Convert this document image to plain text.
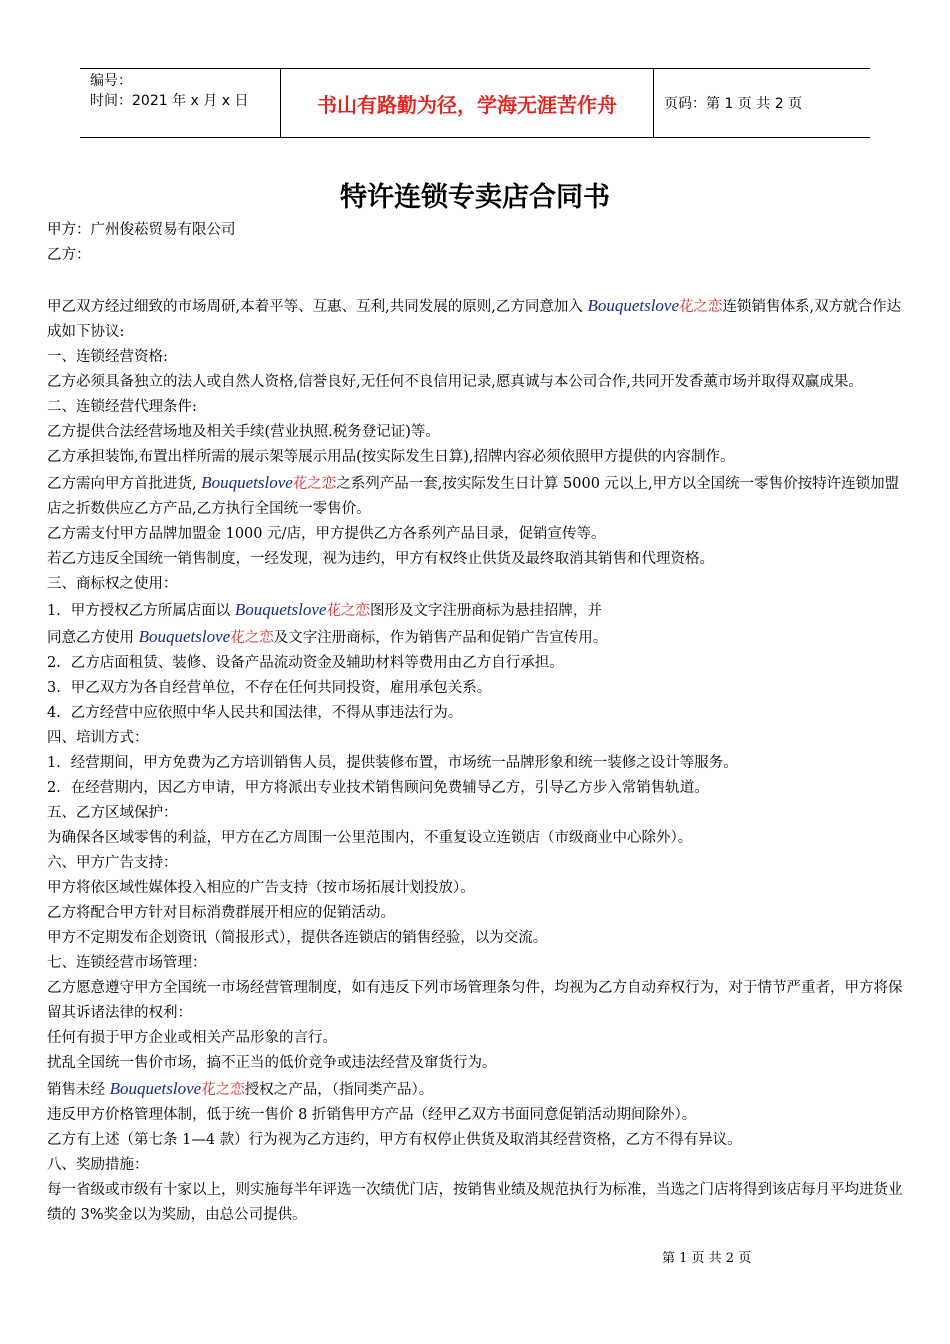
编号：
时间：2021 年 x 月 x 日	书山有路勤为径，学海无涯苦作舟	页码：第 1 页 共 2 页
特许连锁专卖店合同书

甲方：广州俊菘贸易有限公司

乙方：

甲乙双方经过细致的市场周研,本着平等、互惠、互利,共同发展的原则,乙方同意加入 Bouquetslove花之恋连锁销售体系,双方就合作达成如下协议:

一、连锁经营资格:

乙方必须具备独立的法人或自然人资格,信誉良好,无任何不良信用记录,愿真诚与本公司合作,共同开发香薰市场并取得双赢成果。

二、连锁经营代理条件:

乙方提供合法经营场地及相关手续(营业执照.税务登记证)等。

乙方承担装饰,布置出样所需的展示架等展示用品(按实际发生日算),招牌内容必须依照甲方提供的内容制作。

乙方需向甲方首批进货, Bouquetslove花之恋之系列产品一套,按实际发生日计算 5000 元以上,甲方以全国统一零售价按特许连锁加盟店之折数供应乙方产品,乙方执行全国统一零售价。

乙方需支付甲方品牌加盟金 1000 元/店，甲方提供乙方各系列产品目录，促销宣传等。

若乙方违反全国统一销售制度，一经发现，视为违约，甲方有权终止供货及最终取消其销售和代理资格。

三、商标权之使用：

1．甲方授权乙方所属店面以 Bouquetslove花之恋图形及文字注册商标为悬挂招牌，并

同意乙方使用 Bouquetslove花之恋及文字注册商标，作为销售产品和促销广告宣传用。

2．乙方店面租赁、装修、设备产品流动资金及辅助材料等费用由乙方自行承担。

3．甲乙双方为各自经营单位，不存在任何共同投资，雇用承包关系。

4．乙方经营中应依照中华人民共和国法律，不得从事违法行为。

四、培训方式：

1．经营期间，甲方免费为乙方培训销售人员，提供装修布置，市场统一品牌形象和统一装修之设计等服务。

2．在经营期内，因乙方申请，甲方将派出专业技术销售顾问免费辅导乙方，引导乙方步入常销售轨道。

五、乙方区域保护：

为确保各区域零售的利益，甲方在乙方周围一公里范围内，不重复设立连锁店（市级商业中心除外）。

六、甲方广告支持：

甲方将依区域性媒体投入相应的广告支持（按市场拓展计划投放）。

乙方将配合甲方针对目标消费群展开相应的促销活动。

甲方不定期发布企划资讯（简报形式），提供各连锁店的销售经验，以为交流。

七、连锁经营市场管理：

乙方愿意遵守甲方全国统一市场经营管理制度，如有违反下列市场管理条匀件，均视为乙方自动弃权行为，对于情节严重者，甲方将保留其诉诸法律的权利：

任何有损于甲方企业或相关产品形象的言行。

扰乱全国统一售价市场，搞不正当的低价竞争或违法经营及窜货行为。

销售未经 Bouquetslove花之恋授权之产品，（指同类产品）。

违反甲方价格管理体制，低于统一售价 8 折销售甲方产品（经甲乙双方书面同意促销活动期间除外）。

乙方有上述（第七条 1—4 款）行为视为乙方违约，甲方有权停止供货及取消其经营资格，乙方不得有异议。

八、奖励措施：

每一省级或市级有十家以上，则实施每半年评选一次绩优门店，按销售业绩及规范执行为标准，当选之门店将得到该店每月平均进货业绩的 3%奖金以为奖励，由总公司提供。

第 1 页 共 2 页
